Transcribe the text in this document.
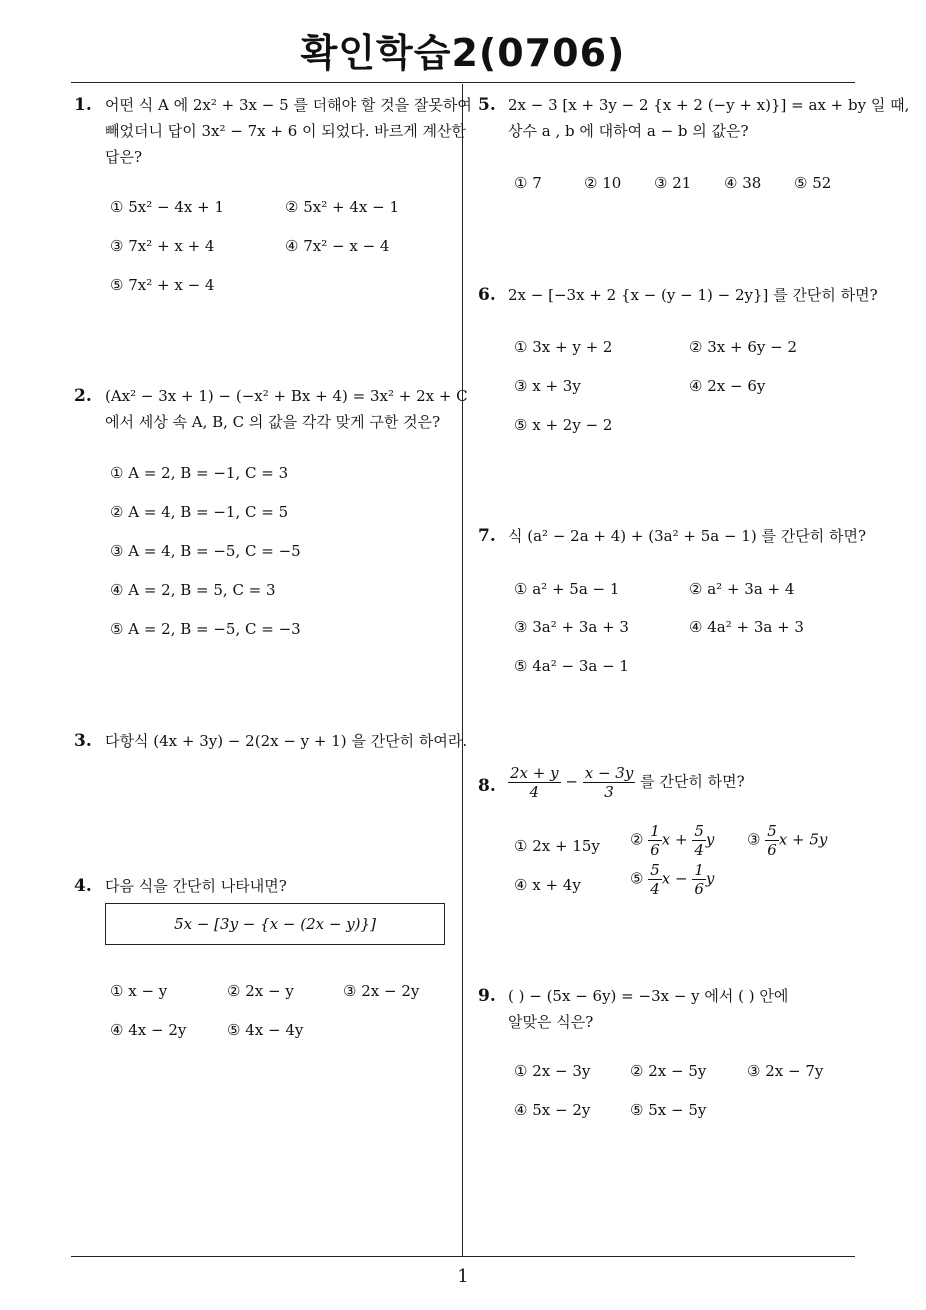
확인학습2(0706)
1
1. 어떤 식 A 에 2x² + 3x − 5 를 더해야 할 것을 잘못하여
빼었더니 답이 3x² − 7x + 6 이 되었다. 바르게 계산한
답은?
① 5x² − 4x + 1	② 5x² + 4x − 1
③ 7x² + x + 4	④ 7x² − x − 4
⑤ 7x² + x − 4
2. (Ax² − 3x + 1) − (−x² + Bx + 4) = 3x² + 2x + C
에서 세상 속 A, B, C 의 값을 각각 맞게 구한 것은?
① A = 2, B = −1, C = 3
② A = 4, B = −1, C = 5
③ A = 4, B = −5, C = −5
④ A = 2, B = 5, C = 3
⑤ A = 2, B = −5, C = −3
3. 다항식 (4x + 3y) − 2(2x − y + 1) 을 간단히 하여라.
4. 다음 식을 간단히 나타내면?
5x − [3y − {x − (2x − y)}]
① x − y	② 2x − y	③ 2x − 2y
④ 4x − 2y	⑤ 4x − 4y
5. 2x − 3 [x + 3y − 2 {x + 2 (−y + x)}] = ax + by 일 때,
상수 a , b 에 대하여 a − b 의 값은?
① 7	② 10 ③ 21 ④ 38 ⑤ 52
6. 2x − [−3x + 2 {x − (y − 1) − 2y}] 를 간단히 하면?
① 3x + y + 2	② 3x + 6y − 2
③ x + 3y	④ 2x − 6y
⑤ x + 2y − 2
7. 식 (a² − 2a + 4) + (3a² + 5a − 1) 를 간단히 하면?
① a² + 5a − 1	② a² + 3a + 4
③ 3a² + 3a + 3	④ 4a² + 3a + 3
⑤ 4a² − 3a − 1
8. $\frac{2x + y}{4} - \frac{x - 3y}{3}$ 를 간단히 하면?
① 2x + 15y ② $\frac{1}{6}$ $x + \frac{5}{4}$ y ③ $\frac{5}{6}$ x + 5y
④ x + 4y	⑤ $\frac{5}{4}$ $x - \frac{1}{6}$ y
9. ( ) − (5x − 6y) = −3x − y 에서 ( ) 안에
알맞은 식은?
① 2x − 3y	② 2x − 5y	③ 2x − 7y
④ 5x − 2y	⑤ 5x − 5y
